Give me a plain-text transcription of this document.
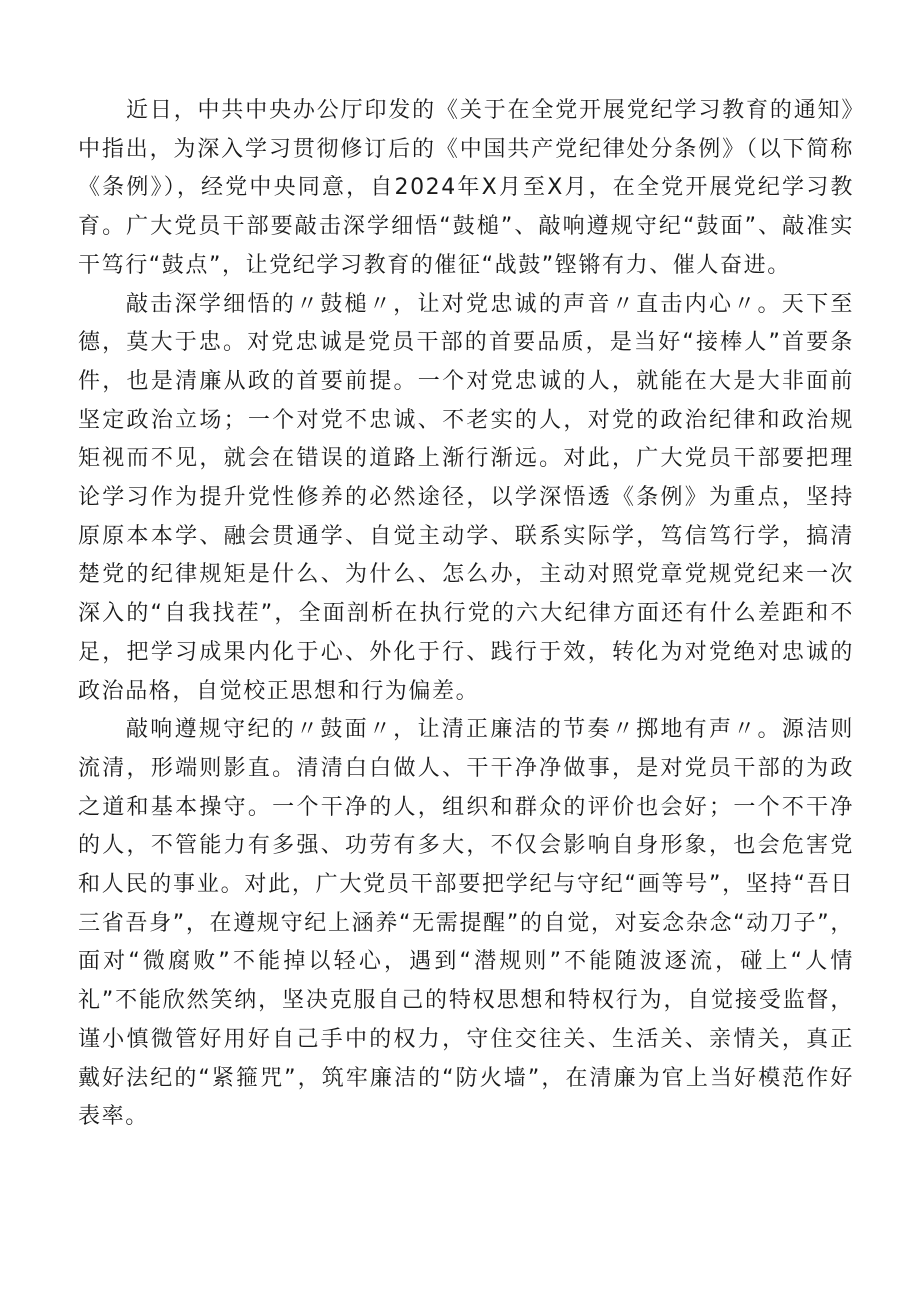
近日，中共中央办公厅印发的《关于在全党开展党纪学习教育的通知》中指出，为深入学习贯彻修订后的《中国共产党纪律处分条例》（以下简称《条例》），经党中央同意，自2024年X月至X月，在全党开展党纪学习教育。广大党员干部要敲击深学细悟“鼓槌”、敲响遵规守纪“鼓面”、敲准实干笃行“鼓点”，让党纪学习教育的催征“战鼓”铿锵有力、催人奋进。

敲击深学细悟的〃鼓槌〃，让对党忠诚的声音〃直击内心〃。天下至德，莫大于忠。对党忠诚是党员干部的首要品质，是当好“接棒人”首要条件，也是清廉从政的首要前提。一个对党忠诚的人，就能在大是大非面前坚定政治立场；一个对党不忠诚、不老实的人，对党的政治纪律和政治规矩视而不见，就会在错误的道路上渐行渐远。对此，广大党员干部要把理论学习作为提升党性修养的必然途径，以学深悟透《条例》为重点，坚持原原本本学、融会贯通学、自觉主动学、联系实际学，笃信笃行学，搞清楚党的纪律规矩是什么、为什么、怎么办，主动对照党章党规党纪来一次深入的“自我找茬”，全面剖析在执行党的六大纪律方面还有什么差距和不足，把学习成果内化于心、外化于行、践行于效，转化为对党绝对忠诚的政治品格，自觉校正思想和行为偏差。

敲响遵规守纪的〃鼓面〃，让清正廉洁的节奏〃掷地有声〃。源洁则流清，形端则影直。清清白白做人、干干净净做事，是对党员干部的为政之道和基本操守。一个干净的人，组织和群众的评价也会好；一个不干净的人，不管能力有多强、功劳有多大，不仅会影响自身形象，也会危害党和人民的事业。对此，广大党员干部要把学纪与守纪“画等号”，坚持“吾日三省吾身”，在遵规守纪上涵养“无需提醒”的自觉，对妄念杂念“动刀子”，面对“微腐败”不能掉以轻心，遇到“潜规则”不能随波逐流，碰上“人情礼”不能欣然笑纳，坚决克服自己的特权思想和特权行为，自觉接受监督，谨小慎微管好用好自己手中的权力，守住交往关、生活关、亲情关，真正戴好法纪的“紧箍咒”，筑牢廉洁的“防火墙”，在清廉为官上当好模范作好表率。
